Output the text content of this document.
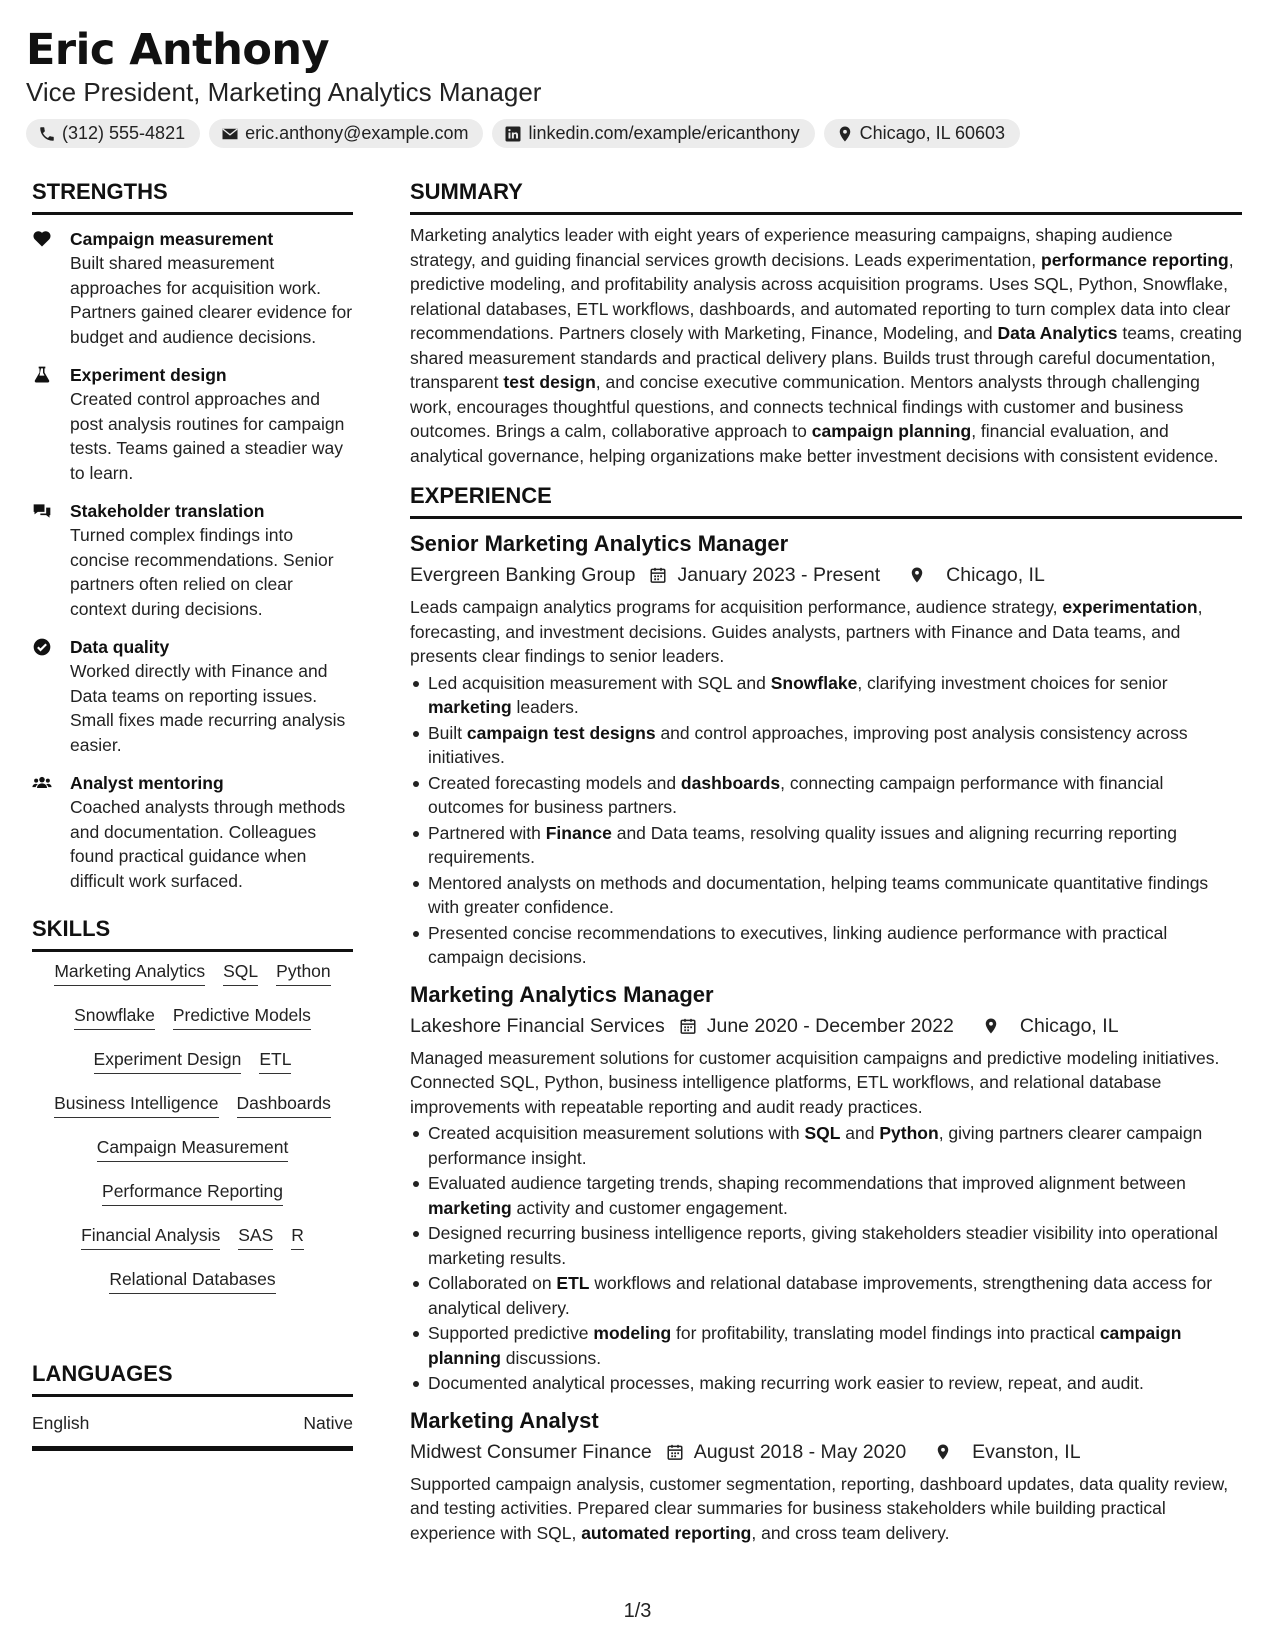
Eric Anthony
Vice President, Marketing Analytics Manager
(312) 555-4821	eric.anthony@example.com	linkedin.com/example/ericanthony	Chicago, IL 60603
STRENGTHS
Campaign measurement
Built shared measurement approaches for acquisition work. Partners gained clearer evidence for budget and audience decisions.
Experiment design
Created control approaches and post analysis routines for campaign tests. Teams gained a steadier way to learn.
Stakeholder translation
Turned complex findings into concise recommendations. Senior partners often relied on clear context during decisions.
Data quality
Worked directly with Finance and Data teams on reporting issues. Small fixes made recurring analysis easier.
Analyst mentoring
Coached analysts through methods and documentation. Colleagues found practical guidance when difficult work surfaced.
SKILLS
Marketing Analytics SQL Python
Snowflake Predictive Models
Experiment Design ETL
Business Intelligence Dashboards
Campaign Measurement
Performance Reporting
Financial Analysis SAS R
Relational Databases
LANGUAGES
English	Native
SUMMARY
Marketing analytics leader with eight years of experience measuring campaigns, shaping audience strategy, and guiding financial services growth decisions. Leads experimentation, performance reporting, predictive modeling, and profitability analysis across acquisition programs. Uses SQL, Python, Snowflake, relational databases, ETL workflows, dashboards, and automated reporting to turn complex data into clear recommendations. Partners closely with Marketing, Finance, Modeling, and Data Analytics teams, creating shared measurement standards and practical delivery plans. Builds trust through careful documentation, transparent test design, and concise executive communication. Mentors analysts through challenging work, encourages thoughtful questions, and connects technical findings with customer and business outcomes. Brings a calm, collaborative approach to campaign planning, financial evaluation, and analytical governance, helping organizations make better investment decisions with consistent evidence.
EXPERIENCE
Senior Marketing Analytics Manager
Evergreen Banking Group January 2023 - Present	Chicago, IL
Leads campaign analytics programs for acquisition performance, audience strategy, experimentation, forecasting, and investment decisions. Guides analysts, partners with Finance and Data teams, and presents clear findings to senior leaders.
Led acquisition measurement with SQL and Snowflake, clarifying investment choices for senior marketing leaders.
Built campaign test designs and control approaches, improving post analysis consistency across initiatives.
Created forecasting models and dashboards, connecting campaign performance with financial outcomes for business partners.
Partnered with Finance and Data teams, resolving quality issues and aligning recurring reporting requirements.
Mentored analysts on methods and documentation, helping teams communicate quantitative findings with greater confidence.
Presented concise recommendations to executives, linking audience performance with practical campaign decisions.
Marketing Analytics Manager
Lakeshore Financial Services June 2020 - December 2022	Chicago, IL
Managed measurement solutions for customer acquisition campaigns and predictive modeling initiatives. Connected SQL, Python, business intelligence platforms, ETL workflows, and relational database improvements with repeatable reporting and audit ready practices.
Created acquisition measurement solutions with SQL and Python, giving partners clearer campaign performance insight.
Evaluated audience targeting trends, shaping recommendations that improved alignment between marketing activity and customer engagement.
Designed recurring business intelligence reports, giving stakeholders steadier visibility into operational marketing results.
Collaborated on ETL workflows and relational database improvements, strengthening data access for analytical delivery.
Supported predictive modeling for profitability, translating model findings into practical campaign planning discussions.
Documented analytical processes, making recurring work easier to review, repeat, and audit.
Marketing Analyst
Midwest Consumer Finance August 2018 - May 2020	Evanston, IL
Supported campaign analysis, customer segmentation, reporting, dashboard updates, data quality review, and testing activities. Prepared clear summaries for business stakeholders while building practical experience with SQL, automated reporting, and cross team delivery.
1/3
